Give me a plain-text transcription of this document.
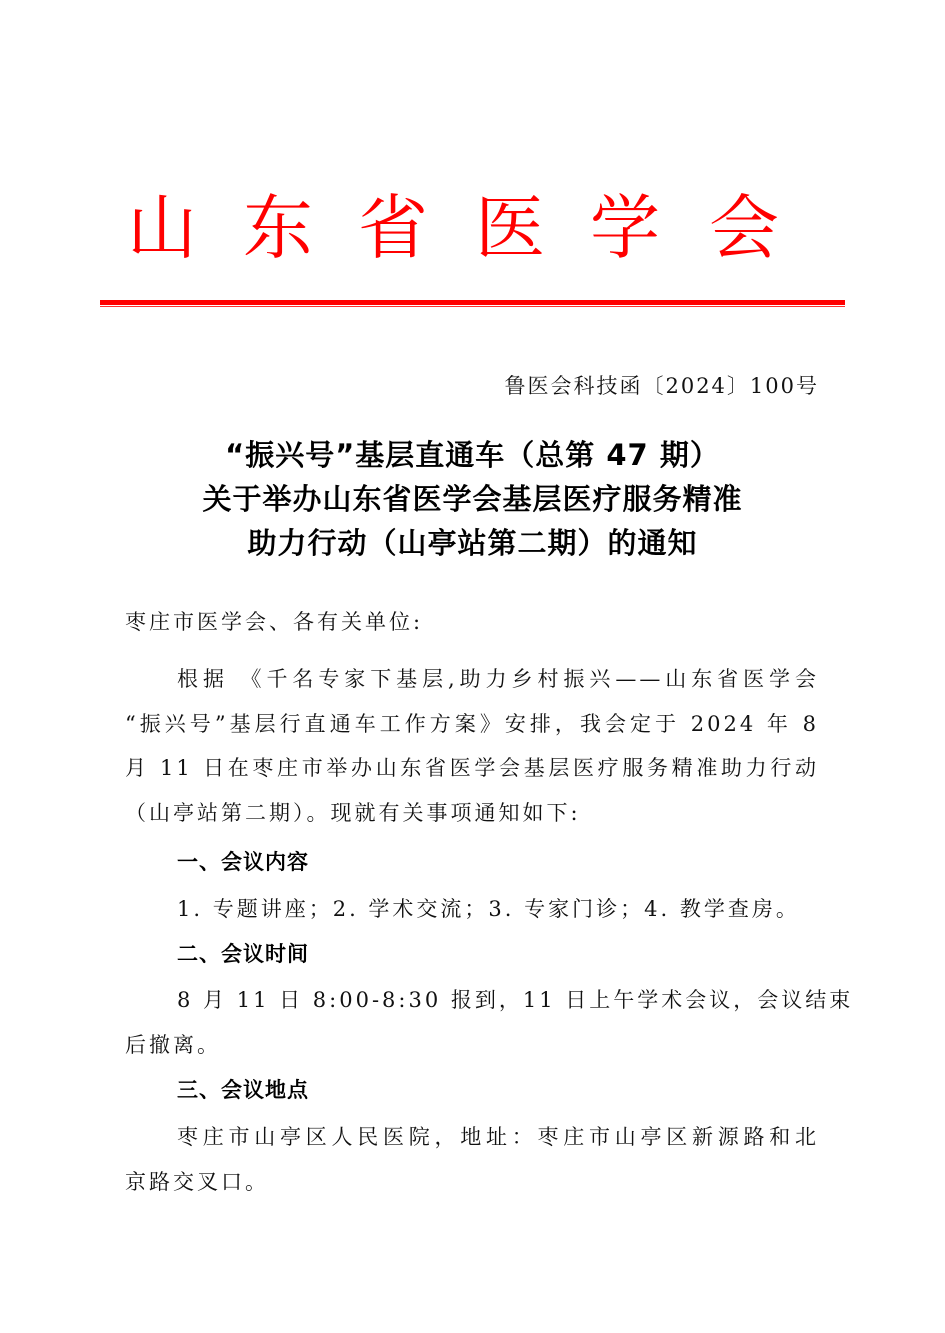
山 东 省 医 学 会
鲁医会科技函〔2024〕100号
“振兴号”基层直通车（总第 47 期）
关于举办山东省医学会基层医疗服务精准
助力行动（山亭站第二期）的通知
枣庄市医学会、各有关单位:
根据 《千名专家下基层,助力乡村振兴——山东省医学会
“振兴号”基层行直通车工作方案》安排，我会定于 2024 年 8
月 11 日在枣庄市举办山东省医学会基层医疗服务精准助力行动
（山亭站第二期）。现就有关事项通知如下:
一、会议内容
1. 专题讲座；2. 学术交流；3. 专家门诊；4. 教学查房。
二、会议时间
8 月 11 日 8:00-8:30 报到，11 日上午学术会议，会议结束
后撤离。
三、会议地点
枣庄市山亭区人民医院，地址：枣庄市山亭区新源路和北
京路交叉口。
